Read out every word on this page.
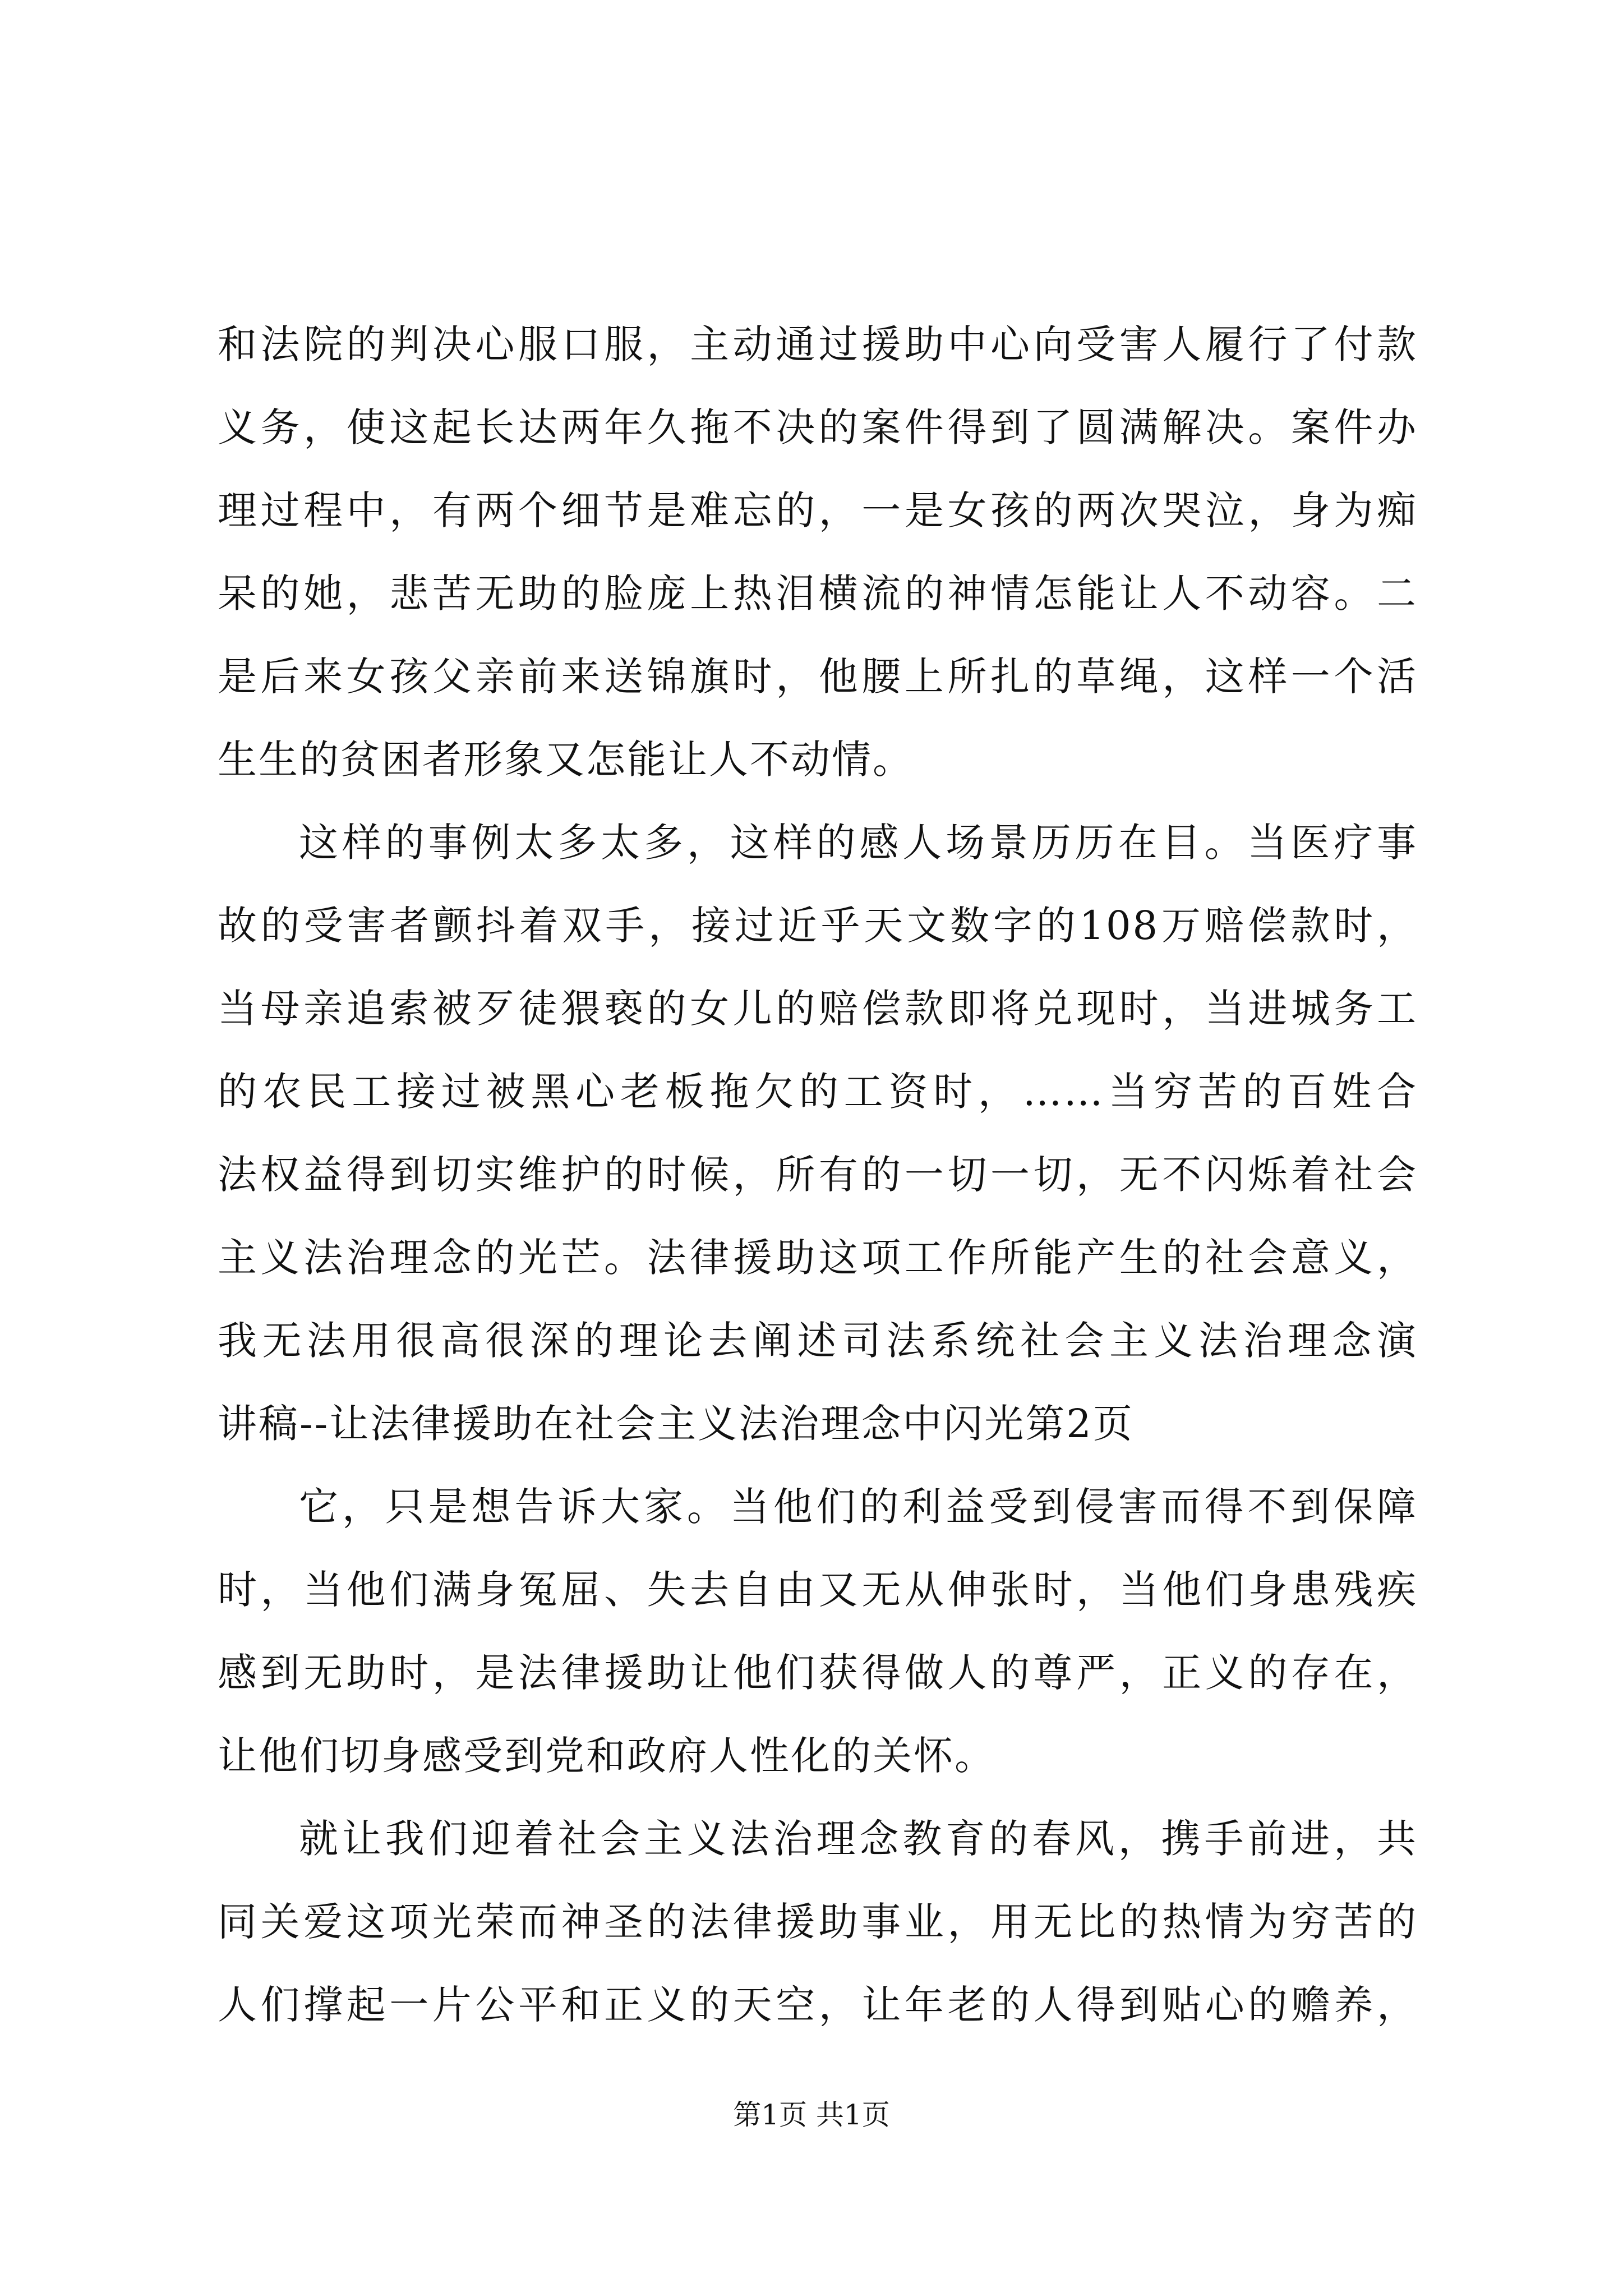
和法院的判决心服口服，主动通过援助中心向受害人履行了付款
义务，使这起长达两年久拖不决的案件得到了圆满解决。案件办
理过程中，有两个细节是难忘的，一是女孩的两次哭泣，身为痴
呆的她，悲苦无助的脸庞上热泪横流的神情怎能让人不动容。二
是后来女孩父亲前来送锦旗时，他腰上所扎的草绳，这样一个活
生生的贫困者形象又怎能让人不动情。
这样的事例太多太多，这样的感人场景历历在目。当医疗事
故的受害者颤抖着双手，接过近乎天文数字的108万赔偿款时，
当母亲追索被歹徒猥亵的女儿的赔偿款即将兑现时，当进城务工
的农民工接过被黑心老板拖欠的工资时，……当穷苦的百姓合
法权益得到切实维护的时候，所有的一切一切，无不闪烁着社会
主义法治理念的光芒。法律援助这项工作所能产生的社会意义，
我无法用很高很深的理论去阐述司法系统社会主义法治理念演
讲稿--让法律援助在社会主义法治理念中闪光第2页
它，只是想告诉大家。当他们的利益受到侵害而得不到保障
时，当他们满身冤屈、失去自由又无从伸张时，当他们身患残疾
感到无助时，是法律援助让他们获得做人的尊严，正义的存在，
让他们切身感受到党和政府人性化的关怀。
就让我们迎着社会主义法治理念教育的春风，携手前进，共
同关爱这项光荣而神圣的法律援助事业，用无比的热情为穷苦的
人们撑起一片公平和正义的天空，让年老的人得到贴心的赡养，
第1页 共1页
